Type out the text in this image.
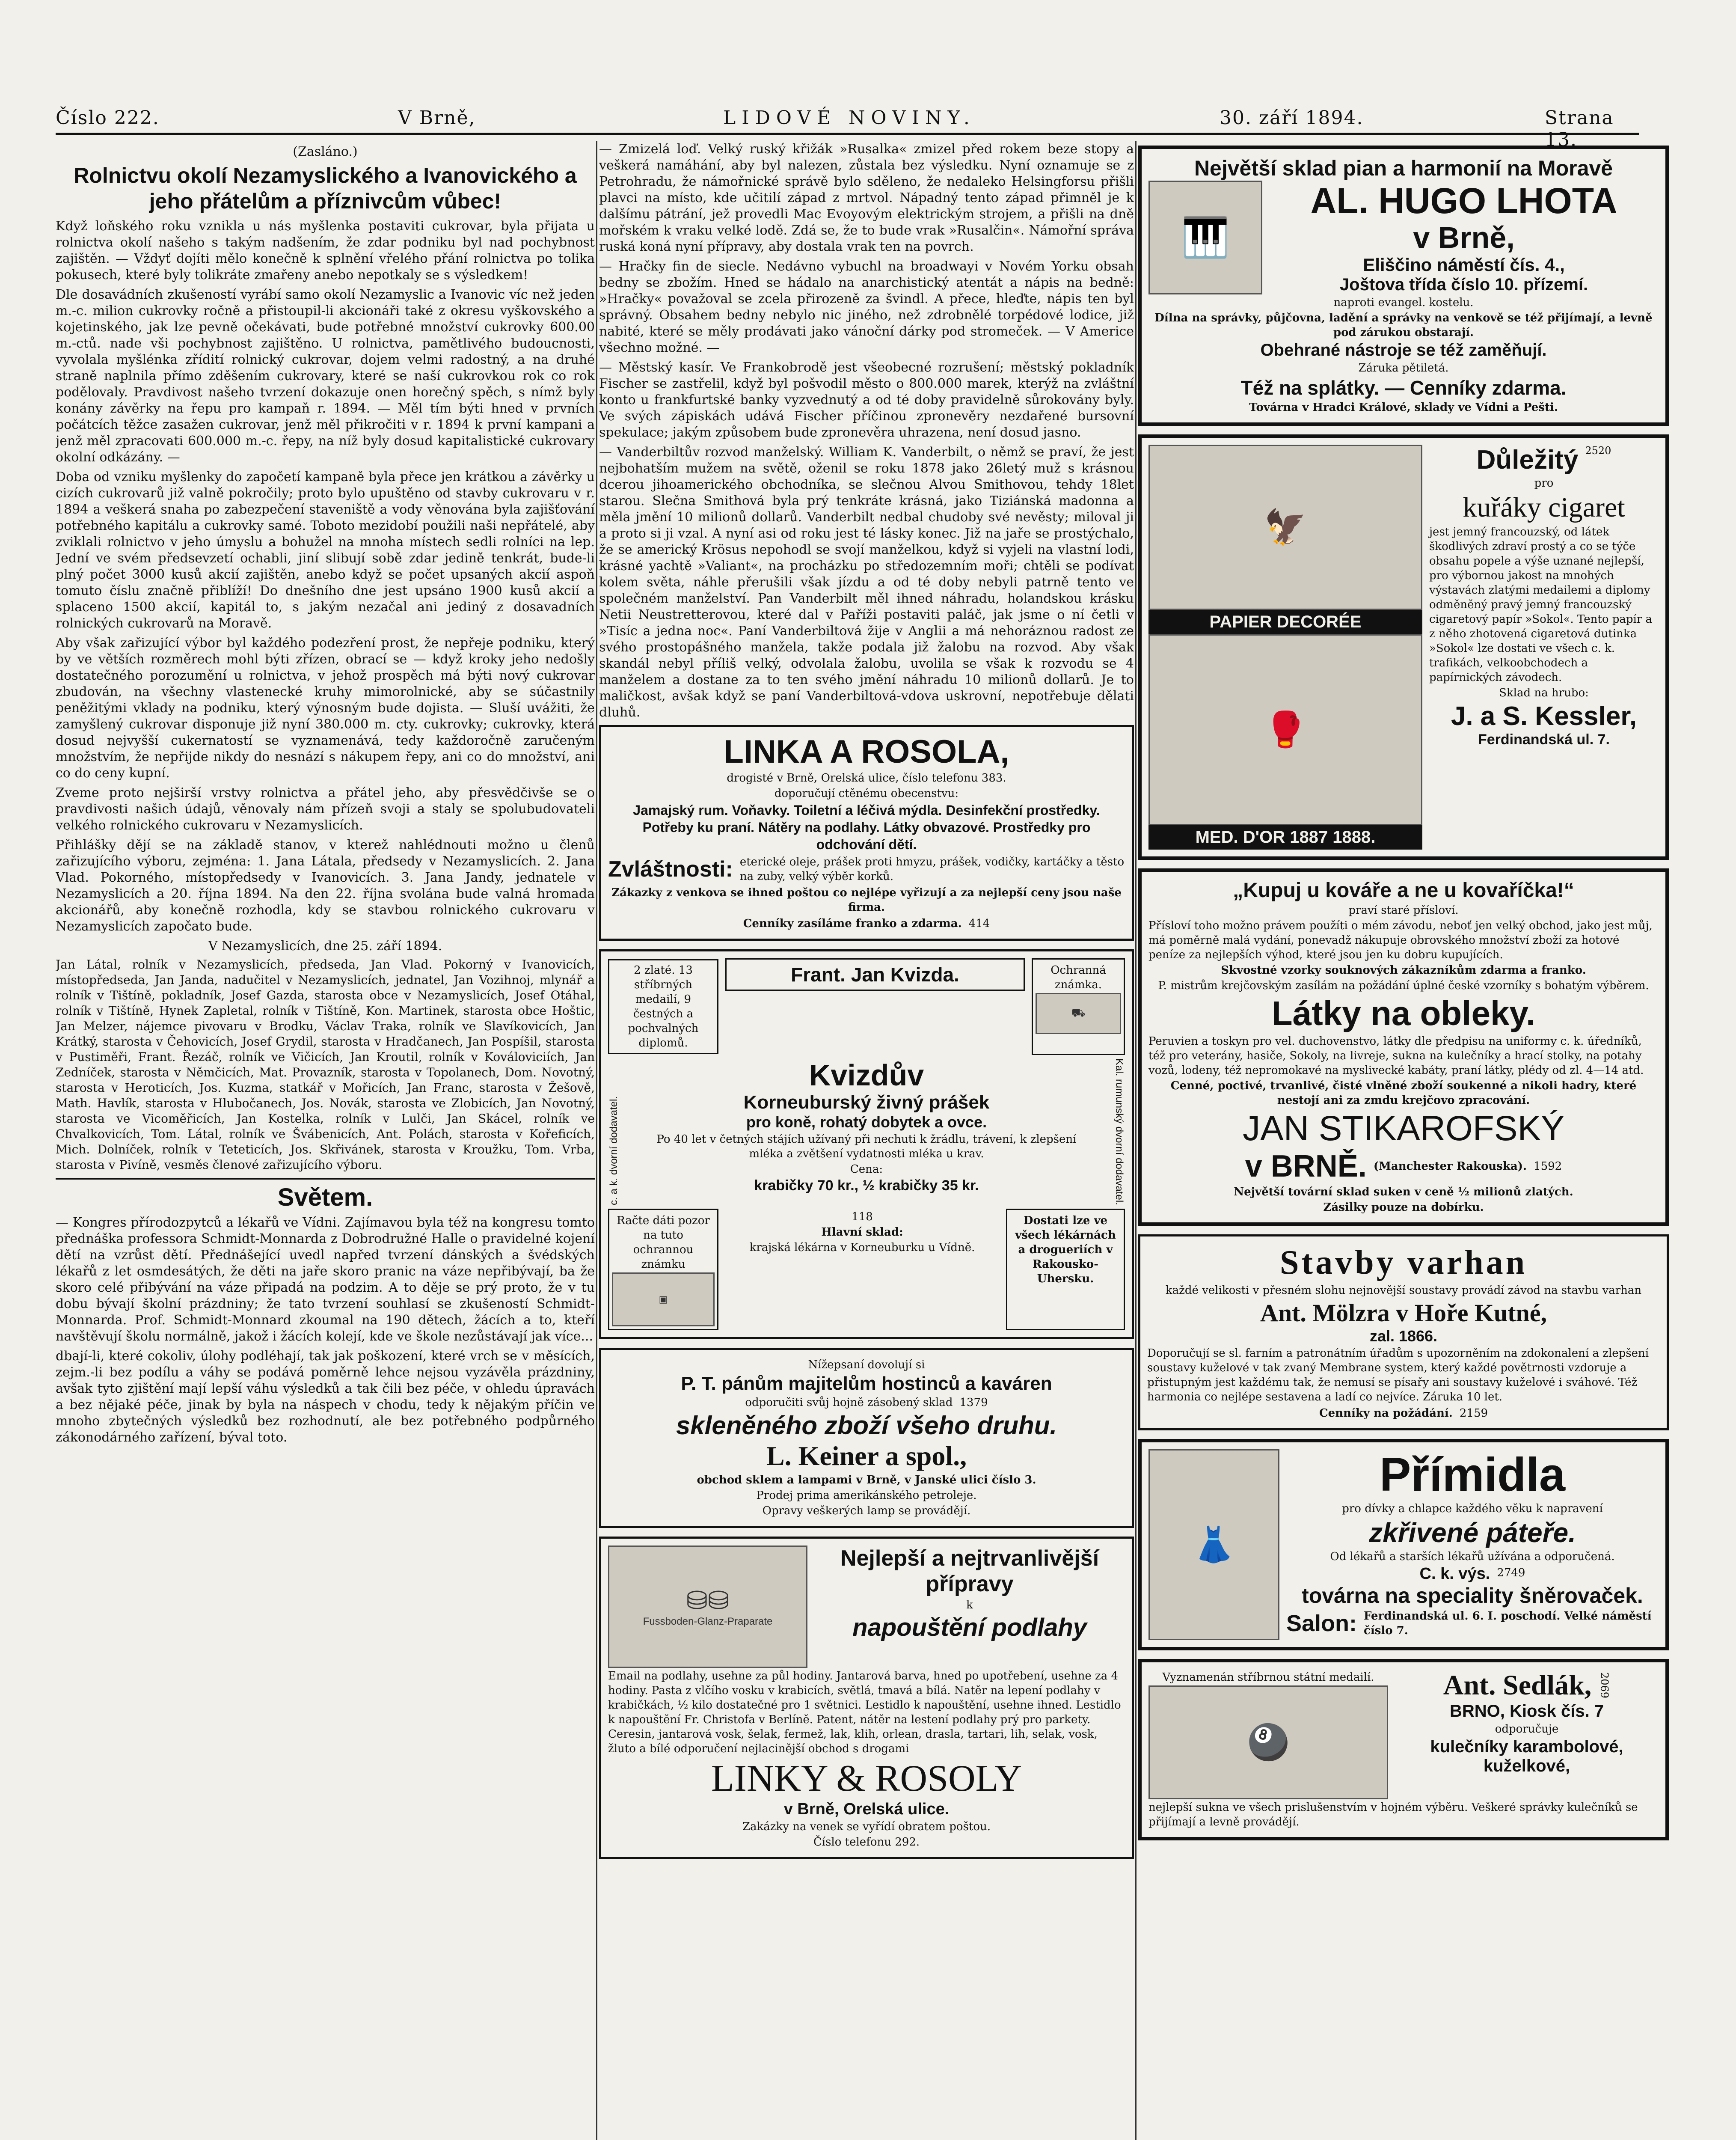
Číslo 222.	V Brně,	LIDOVÉ NOVINY.	30. září 1894.	Strana 13.

(Zasláno.)

Rolnictvu okolí Nezamyslického a Ivanovického a jeho přátelům a příznivcům vůbec!

Když loňského roku vznikla u nás myšlenka postaviti cukrovar, byla přijata u rolnictva okolí našeho s takým nadšením, že zdar podniku byl nad pochybnost zajištěn. — Vždyť dojíti mělo konečně k splnění vřelého přání rolnictva po tolika pokusech, které byly tolikráte zmařeny anebo nepotkaly se s výsledkem!

Dle dosavádních zkušeností vyrábí samo okolí Nezamyslic a Ivanovic víc než jeden m.-c. milion cukrovky ročně a přistoupil-li akcionáři také z okresu vyškovského a kojetinského, jak lze pevně očekávati, bude potřebné množství cukrovky 600.00 m.-ctů. nade vši pochybnost zajištěno. U rolnictva, pamětlivého budoucnosti, vyvolala myšlénka zřídití rolnický cukrovar, dojem velmi radostný, a na druhé straně naplnila přímo zděšením cukrovary, které se naší cukrovkou rok co rok podělovaly. Pravdivost našeho tvrzení dokazuje onen horečný spěch, s nímž byly konány závěrky na řepu pro kampaň r. 1894. — Měl tím býti hned v prvních počátcích těžce zasažen cukrovar, jenž měl přikročiti v r. 1894 k první kampani a jenž měl zpracovati 600.000 m.-c. řepy, na níž byly dosud kapitalistické cukrovary okolní odkázány. —

Doba od vzniku myšlenky do započetí kampaně byla přece jen krátkou a závěrky u cizích cukrovarů již valně pokročily; proto bylo upuštěno od stavby cukrovaru v r. 1894 a veškerá snaha po zabezpečení staveniště a vody věnována byla zajišťování potřebného kapitálu a cukrovky samé. Toboto mezidobí použili naši nepřátelé, aby zviklali rolnictvo v jeho úmyslu a bohužel na mnoha místech sedli rolníci na lep. Jední ve svém předsevzetí ochabli, jiní slibují sobě zdar jedině tenkrát, bude-li plný počet 3000 kusů akcií zajištěn, anebo když se počet upsaných akcií aspoň tomuto číslu značně přiblíží! Do dnešního dne jest upsáno 1900 kusů akcií a splaceno 1500 akcií, kapitál to, s jakým nezačal ani jediný z dosavadních rolnických cukrovarů na Moravě.

Aby však zařizující výbor byl každého podezření prost, že nepřeje podniku, který by ve větších rozměrech mohl býti zřízen, obrací se — když kroky jeho nedošly dostatečného porozumění u rolnictva, v jehož prospěch má býti nový cukrovar zbudován, na všechny vlastenecké kruhy mimorolnické, aby se súčastnily peněžitými vklady na podniku, který výnosným bude dojista. — Sluší uvážiti, že zamyšlený cukrovar disponuje již nyní 380.000 m. cty. cukrovky; cukrovky, která dosud nejvyšší cukernatostí se vyznamenává, tedy každoročně zaručeným množstvím, že nepřijde nikdy do nesnází s nákupem řepy, ani co do množství, ani co do ceny kupní.

Zveme proto nejširší vrstvy rolnictva a přátel jeho, aby přesvědčivše se o pravdivosti našich údajů, věnovaly nám přízeň svoji a staly se spolubudovateli velkého rolnického cukrovaru v Nezamyslicích.

Přihlášky dějí se na základě stanov, v kterež nahlédnouti možno u členů zařizujícího výboru, zejména: 1. Jana Látala, předsedy v Nezamyslicích. 2. Jana Vlad. Pokorného, místopředsedy v Ivanovicích. 3. Jana Jandy, jednatele v Nezamyslicích a 20. října 1894. Na den 22. října svolána bude valná hromada akcionářů, aby konečně rozhodla, kdy se stavbou rolnického cukrovaru v Nezamyslicích započato bude.

V Nezamyslicích, dne 25. září 1894.

Jan Látal, rolník v Nezamyslicích, předseda, Jan Vlad. Pokorný v Ivanovicích, místopředseda, Jan Janda, nadučitel v Nezamyslicích, jednatel, Jan Vozihnoj, mlynář a rolník v Tištíně, pokladník, Josef Gazda, starosta obce v Nezamyslicích, Josef Otáhal, rolník v Tištíně, Hynek Zapletal, rolník v Tištíně, Kon. Martinek, starosta obce Hoštic, Jan Melzer, nájemce pivovaru v Brodku, Václav Traka, rolník ve Slavíkovicích, Jan Krátký, starosta v Čehovicích, Josef Grydil, starosta v Hradčanech, Jan Pospíšil, starosta v Pustiměři, Frant. Řezáč, rolník ve Vičicích, Jan Kroutil, rolník v Kováloviciích, Jan Zedníček, starosta v Němčicích, Mat. Provazník, starosta v Topolanech, Dom. Novotný, starosta v Heroticích, Jos. Kuzma, statkář v Mořicích, Jan Franc, starosta v Žešově, Math. Havlík, starosta v Hlubočanech, Jos. Novák, starosta ve Zlobicích, Jan Novotný, starosta ve Vicoměřicích, Jan Kostelka, rolník v Lulči, Jan Skácel, rolník ve Chvalkovicích, Tom. Látal, rolník ve Švábenicích, Ant. Polách, starosta v Kořeficích, Mich. Dolníček, rolník v Teteticích, Jos. Skřivánek, starosta v Kroužku, Tom. Vrba, starosta v Pivíně, vesměs členové zařizujícího výboru.

Světem.

— Kongres přírodozpytců a lékařů ve Vídni. Zajímavou byla též na kongresu tomto přednáška professora Schmidt-Monnarda z Dobrodružné Halle o pravidelné kojení dětí na vzrůst dětí. Přednášející uvedl napřed tvrzení dánských a švédských lékařů z let osmdesátých, že děti na jaře skoro pranic na váze nepřibývají, ba že skoro celé přibývání na váze připadá na podzim. A to děje se prý proto, že v tu dobu bývají školní prázdniny; že tato tvrzení souhlasí se zkušeností Schmidt-Monnarda. Prof. Schmidt-Monnard zkoumal na 190 dětech, žácích a to, kteří navštěvují školu normálně, jakož i žácích kolejí, kde ve škole nezůstávají jak více...

dbají-li, které cokoliv, úlohy podléhají, tak jak poškození, které vrch se v měsících, zejm.-li bez podílu a váhy se podává poměrně lehce nejsou vyzávěla prázdniny, avšak tyto zjištění mají lepší váhu výsledků a tak čili bez péče, v ohledu úpravách a bez nějaké péče, jinak by byla na náspech v chodu, tedy k nějakým příčin ve mnoho zbytečných výsledků bez rozhodnutí, ale bez potřebného podpůrného zákonodárného zařízení, býval toto.

— Zmizelá loď. Velký ruský křižák »Rusalka« zmizel před rokem beze stopy a veškerá namáhání, aby byl nalezen, zůstala bez výsledku. Nyní oznamuje se z Petrohradu, že námořnické správě bylo sděleno, že nedaleko Helsingforsu přišli plavci na místo, kde učitilí západ z mrtvol. Nápadný tento západ přimněl je k dalšímu pátrání, jež provedli Mac Evoyovým elektrickým strojem, a přišli na dně mořském k vraku velké lodě. Zdá se, že to bude vrak »Rusalčin«. Námořní správa ruská koná nyní přípravy, aby dostala vrak ten na povrch.

— Hračky fin de siecle. Nedávno vybuchl na broadwayi v Novém Yorku obsah bedny se zbožím. Hned se hádalo na anarchistický atentát a nápis na bedně: »Hračky« považoval se zcela přirozeně za švindl. A přece, hleďte, nápis ten byl správný. Obsahem bedny nebylo nic jiného, než zdrobnělé torpédové lodice, již nabité, které se měly prodávati jako vánoční dárky pod stromeček. — V Americe všechno možné. —

— Městský kasír. Ve Frankobrodě jest všeobecné rozrušení; městský pokladník Fischer se zastřelil, když byl pošvodil město o 800.000 marek, kterýž na zvláštní konto u frankfurtské banky vyzvednutý a od té doby pravidelně sůrokovány byly. Ve svých zápiskách udává Fischer příčinou zpronevěry nezdařené bursovní spekulace; jakým způsobem bude zpronevěra uhrazena, není dosud jasno.

— Vanderbiltův rozvod manželský. William K. Vanderbilt, o němž se praví, že jest nejbohatším mužem na světě, oženil se roku 1878 jako 26letý muž s krásnou dcerou jihoamerického obchodníka, se slečnou Alvou Smithovou, tehdy 18let starou. Slečna Smithová byla prý tenkráte krásná, jako Tiziánská madonna a měla jmění 10 milionů dollarů. Vanderbilt nedbal chudoby své nevěsty; miloval ji a proto si ji vzal. A nyní asi od roku jest té lásky konec. Již na jaře se prostýchalo, že se americký Krösus nepohodl se svojí manželkou, když si vyjeli na vlastní lodi, krásné yachtě »Valiant«, na procházku po středozemním moři; chtěli se podívat kolem světa, náhle přerušili však jízdu a od té doby nebyli patrně tento ve společném manželství. Pan Vanderbilt měl ihned náhradu, holandskou krásku Netii Neustretterovou, které dal v Paříži postaviti paláč, jak jsme o ní četli v »Tisíc a jedna noc«. Paní Vanderbiltová žije v Anglii a má nehoráznou radost ze svého prostopášného manžela, takže podala již žalobu na rozvod. Aby však skandál nebyl příliš velký, odvolala žalobu, uvolila se však k rozvodu se 4 manželem a dostane za to ten svého jmění náhradu 10 milionů dollarů. Je to maličkost, avšak když se paní Vanderbiltová-vdova uskrovní, nepotřebuje dělati dluhů.

LINKA A ROSOLA,

drogisté v Brně, Orelská ulice, číslo telefonu 383.

doporučují ctěnému obecenstvu:

Jamajský rum. Voňavky. Toiletní a léčivá mýdla. Desinfekční prostředky. Potřeby ku praní. Nátěry na podlahy. Látky obvazové. Prostředky pro odchování dětí.

Zvláštnosti: eterické oleje, prášek proti hmyzu, prášek, vodičky, kartáčky a těsto na zuby, velký výběr korků.

Zákazky z venkova se ihned poštou co nejlépe vyřizují a za nejlepší ceny jsou naše firma.

Cenníky zasíláme franko a zdarma. 414

2 zlaté. 13 stříbrných medailí, 9 čestných a pochvalných diplomů.

Frant. Jan Kvizda.	Ochranná známka.

⛟
c. a k. dvorní dodavatel.
Kvizdův
Korneuburský živný prášek
pro koně, rohatý dobytek a ovce.

Po 40 let v četných stájích užívaný při nechuti k žrádlu, trávení, k zlepšení mléka a zvětšení vydatnosti mléka u krav.

Cena:

krabičky 70 kr., ½ krabičky 35 kr.	Kal. rumunský dvorní dodavatel.

Račte dáti pozor na tuto ochrannou známku

▣

118

Hlavní sklad:

krajská lékárna v Korneuburku u Vídně.

Dostati lze ve všech lékárnách a drogueriích v Rakousko-Uhersku.

Nížepsaní dovolují si

P. T. pánům majitelům hostinců a kaváren

odporučiti svůj hojně zásobený sklad 1379

skleněného zboží všeho druhu.
L. Keiner a spol.,

obchod sklem a lampami v Brně, v Janské ulici číslo 3.

Prodej prima amerikánského petroleje.

Opravy veškerých lamp se provádějí.

⛁⛁
Fussboden-Glanz-Praparate
Nejlepší a nejtrvanlivější přípravy

k

napouštění podlahy

Email na podlahy, usehne za půl hodiny. Jantarová barva, hned po upotřebení, usehne za 4 hodiny. Pasta z vlčího vosku v krabicích, světlá, tmavá a bílá. Natěr na lepení podlahy v krabičkách, ½ kilo dostatečné pro 1 světnici. Lestidlo k napouštění, usehne ihned. Lestidlo k napouštění Fr. Christofa v Berlíně. Patent, nátěr na lestení podlahy prý pro parkety. Ceresin, jantarová vosk, šelak, fermež, lak, klih, orlean, drasla, tartari, lih, selak, vosk, žluto a bílé odporučení nejlacinější obchod s drogami

LINKY & ROSOLY
v Brně, Orelská ulice.

Zakázky na venek se vyřídí obratem poštou.

Číslo telefonu 292.

Největší sklad pian a harmonií na Moravě
🎹
AL. HUGO LHOTA
v Brně,
Eliščino náměstí čís. 4.,
Joštova třída číslo 10. přízemí.

naproti evangel. kostelu.

Dílna na správky, půjčovna, ladění a správky na venkově se též přijímají, a levně pod zárukou obstarají.

Obehrané nástroje se též zaměňují.

Záruka pětiletá.

Též na splátky. — Cenníky zdarma.

Továrna v Hradci Králové, sklady ve Vídni a Pešti.

🦅
PAPIER DECORÉE
🥊
MED. D'OR 1887 1888.
Důležitý 2520

pro

kuřáky cigaret

jest jemný francouzský, od látek škodlivých zdraví prostý a co se týče obsahu popele a výše uznané nejlepší, pro výbornou jakost na mnohých výstavách zlatými medailemi a diplomy odměněný pravý jemný francouzský cigaretový papír »Sokol«. Tento papír a z něho zhotovená cigaretová dutinka »Sokol« lze dostati ve všech c. k. trafikách, velkoobchodech a papírnických závodech.

Sklad na hrubo:

J. a S. Kessler,
Ferdinandská ul. 7.
„Kupuj u kováře a ne u kovaříčka!“

praví staré přísloví.

Přísloví toho možno právem použíti o mém závodu, neboť jen velký obchod, jako jest můj, má poměrně malá vydání, ponevadž nákupuje obrovského množství zboží za hotové peníze za nejlepších výhod, které jsou jen ku dobru kupujících.

Skvostné vzorky souknových zákazníkům zdarma a franko.

P. mistrům krejčovským zasílám na požádání úplné české vzorníky s bohatým výběrem.

Látky na obleky.

Peruvien a toskyn pro vel. duchovenstvo, látky dle předpisu na uniformy c. k. úředníků, též pro veterány, hasiče, Sokoly, na livreje, sukna na kulečníky a hrací stolky, na potahy vozů, lodeny, též nepromokavé na myslivecké kabáty, praní látky, plédy od zl. 4—14 atd.

Cenné, poctivé, trvanlivé, čisté vlněné zboží soukenné a nikoli hadry, které nestojí ani za zmdu krejčovo zpracování.

JAN STIKAROFSKÝ
v BRNĚ. (Manchester Rakouska). 1592

Největší tovární sklad suken v ceně ½ milionů zlatých.

Zásilky pouze na dobírku.

Stavby varhan

každé velikosti v přesném slohu nejnovější soustavy provádí závod na stavbu varhan

Ant. Mölzra v Hoře Kutné,
zal. 1866.

Doporučují se sl. farním a patronátním úřadům s upozorněním na zdokonalení a zlepšení soustavy kuželové v tak zvaný Membrane system, který každé povětrnosti vzdoruje a přistupným jest každému tak, že nemusí se písařy ani soustavy kuželové i sváhové. Též harmonia co nejlépe sestavena a ladí co nejvíce. Záruka 10 let.

Cenníky na požádání. 2159

👗
Přímidla

pro dívky a chlapce každého věku k napravení

zkřivené páteře.

Od lékařů a starších lékařů užívána a odporučená.

C. k. výs. 2749

továrna na speciality šněrovaček.
Salon: Ferdinandská ul. 6. I. poschodí. Velké náměstí číslo 7.

Vyznamenán stříbrnou státní medailí.

🎱
Ant. Sedlák, 2069
BRNO, Kiosk čís. 7

odporučuje

kulečníky karambolové, kuželkové,

nejlepší sukna ve všech prislušenstvím v hojném výběru. Veškeré správky kulečníků se přijímají a levně provádějí.
